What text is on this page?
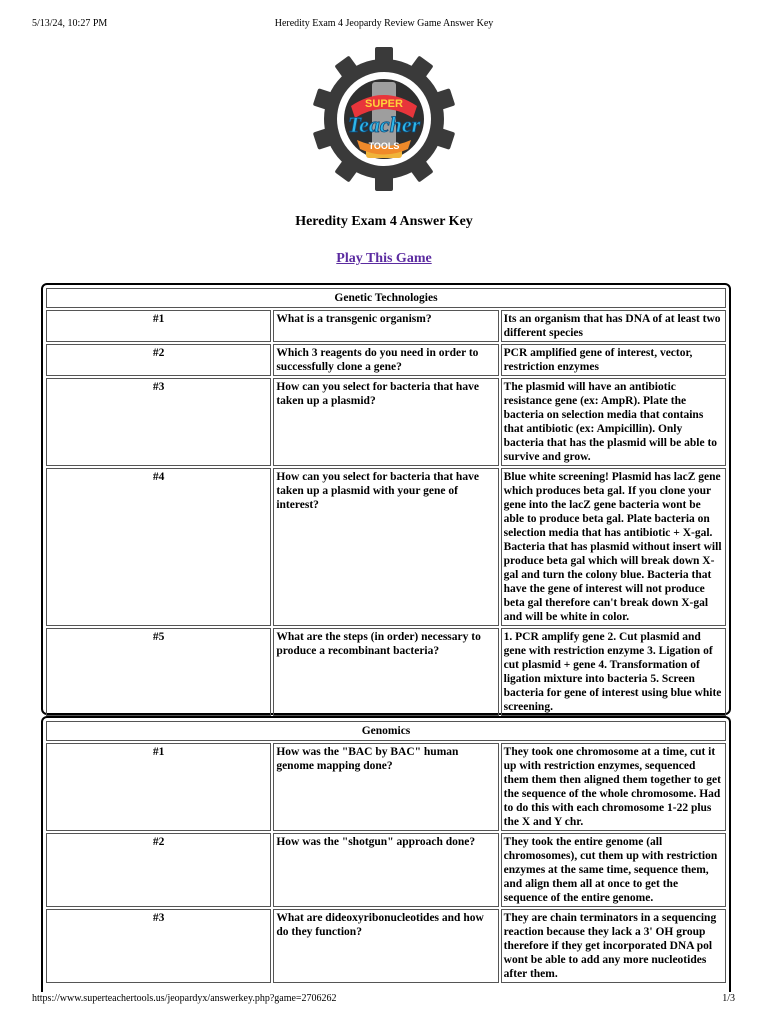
5/13/24, 10:27 PM	Heredity Exam 4 Jeopardy Review Game Answer Key
SUPER
Teacher
TOOLS
Heredity Exam 4 Answer Key
Play This Game
Genetic Technologies		
#1	What is a transgenic organism?	Its an organism that has DNA of at least two different species
#2	Which 3 reagents do you need in order to successfully clone a gene?	PCR amplified gene of interest, vector, restriction enzymes
#3	How can you select for bacteria that have taken up a plasmid?	The plasmid will have an antibiotic resistance gene (ex: AmpR). Plate the bacteria on selection media that contains that antibiotic (ex: Ampicillin). Only bacteria that has the plasmid will be able to survive and grow.
#4	How can you select for bacteria that have taken up a plasmid with your gene of interest?	Blue white screening! Plasmid has lacZ gene which produces beta gal. If you clone your gene into the lacZ gene bacteria wont be able to produce beta gal. Plate bacteria on selection media that has antibiotic + X-gal. Bacteria that has plasmid without insert will produce beta gal which will break down X-gal and turn the colony blue. Bacteria that have the gene of interest will not produce beta gal therefore can't break down X-gal and will be white in color.
#5	What are the steps (in order) necessary to produce a recombinant bacteria?	1. PCR amplify gene 2. Cut plasmid and gene with restriction enzyme 3. Ligation of cut plasmid + gene 4. Transformation of ligation mixture into bacteria 5. Screen bacteria for gene of interest using blue white screening.
Genomics		
#1	How was the "BAC by BAC" human genome mapping done?	They took one chromosome at a time, cut it up with restriction enzymes, sequenced them them then aligned them together to get the sequence of the whole chromosome. Had to do this with each chromosome 1-22 plus the X and Y chr.
#2	How was the "shotgun" approach done?	They took the entire genome (all chromosomes), cut them up with restriction enzymes at the same time, sequence them, and align them all at once to get the sequence of the entire genome.
#3	What are dideoxyribonucleotides and how do they function?	They are chain terminators in a sequencing reaction because they lack a 3' OH group therefore if they get incorporated DNA pol wont be able to add any more nucleotides after them.
https://www.superteachertools.us/jeopardyx/answerkey.php?game=2706262	1/3
